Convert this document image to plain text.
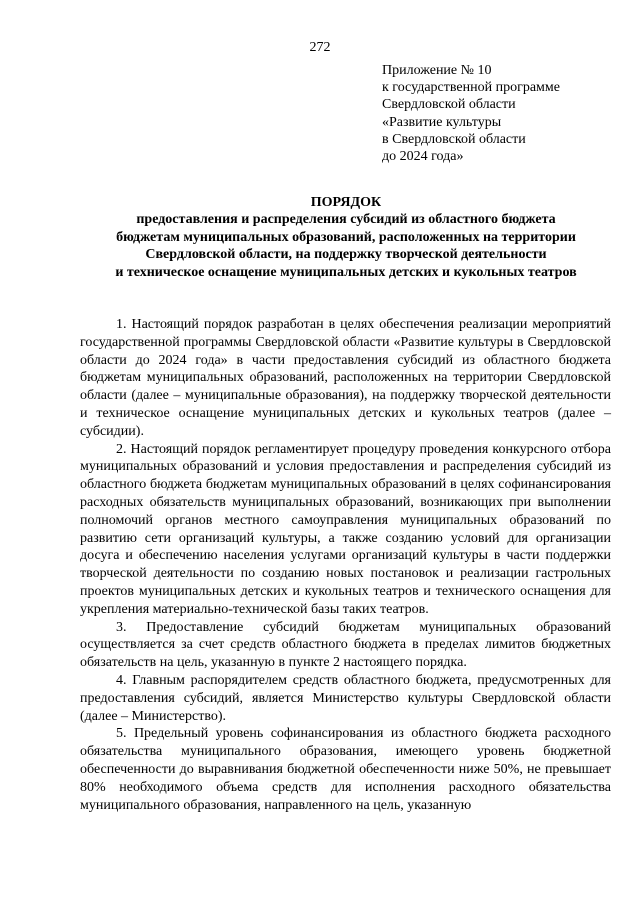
272
Приложение № 10
к государственной программе
Свердловской области
«Развитие культуры
в Свердловской области
до 2024 года»
ПОРЯДОК
предоставления и распределения субсидий из областного бюджета
бюджетам муниципальных образований, расположенных на территории
Свердловской области, на поддержку творческой деятельности
и техническое оснащение муниципальных детских и кукольных театров

1. Настоящий порядок разработан в целях обеспечения реализации мероприятий государственной программы Свердловской области «Развитие культуры в Свердловской области до 2024 года» в части предоставления субсидий из областного бюджета бюджетам муниципальных образований, расположенных на территории Свердловской области (далее – муниципальные образования), на поддержку творческой деятельности и техническое оснащение муниципальных детских и кукольных театров (далее – субсидии).

2. Настоящий порядок регламентирует процедуру проведения конкурсного отбора муниципальных образований и условия предоставления и распределения субсидий из областного бюджета бюджетам муниципальных образований в целях софинансирования расходных обязательств муниципальных образований, возникающих при выполнении полномочий органов местного самоуправления муниципальных образований по развитию сети организаций культуры, а также созданию условий для организации досуга и обеспечению населения услугами организаций культуры в части поддержки творческой деятельности по созданию новых постановок и реализации гастрольных проектов муниципальных детских и кукольных театров и технического оснащения для укрепления материально-технической базы таких театров.

3. Предоставление субсидий бюджетам муниципальных образований осуществляется за счет средств областного бюджета в пределах лимитов бюджетных обязательств на цель, указанную в пункте 2 настоящего порядка.

4. Главным распорядителем средств областного бюджета, предусмотренных для предоставления субсидий, является Министерство культуры Свердловской области (далее – Министерство).

5. Предельный уровень софинансирования из областного бюджета расходного обязательства муниципального образования, имеющего уровень бюджетной обеспеченности до выравнивания бюджетной обеспеченности ниже 50%, не превышает 80% необходимого объема средств для исполнения расходного обязательства муниципального образования, направленного на цель, указанную
